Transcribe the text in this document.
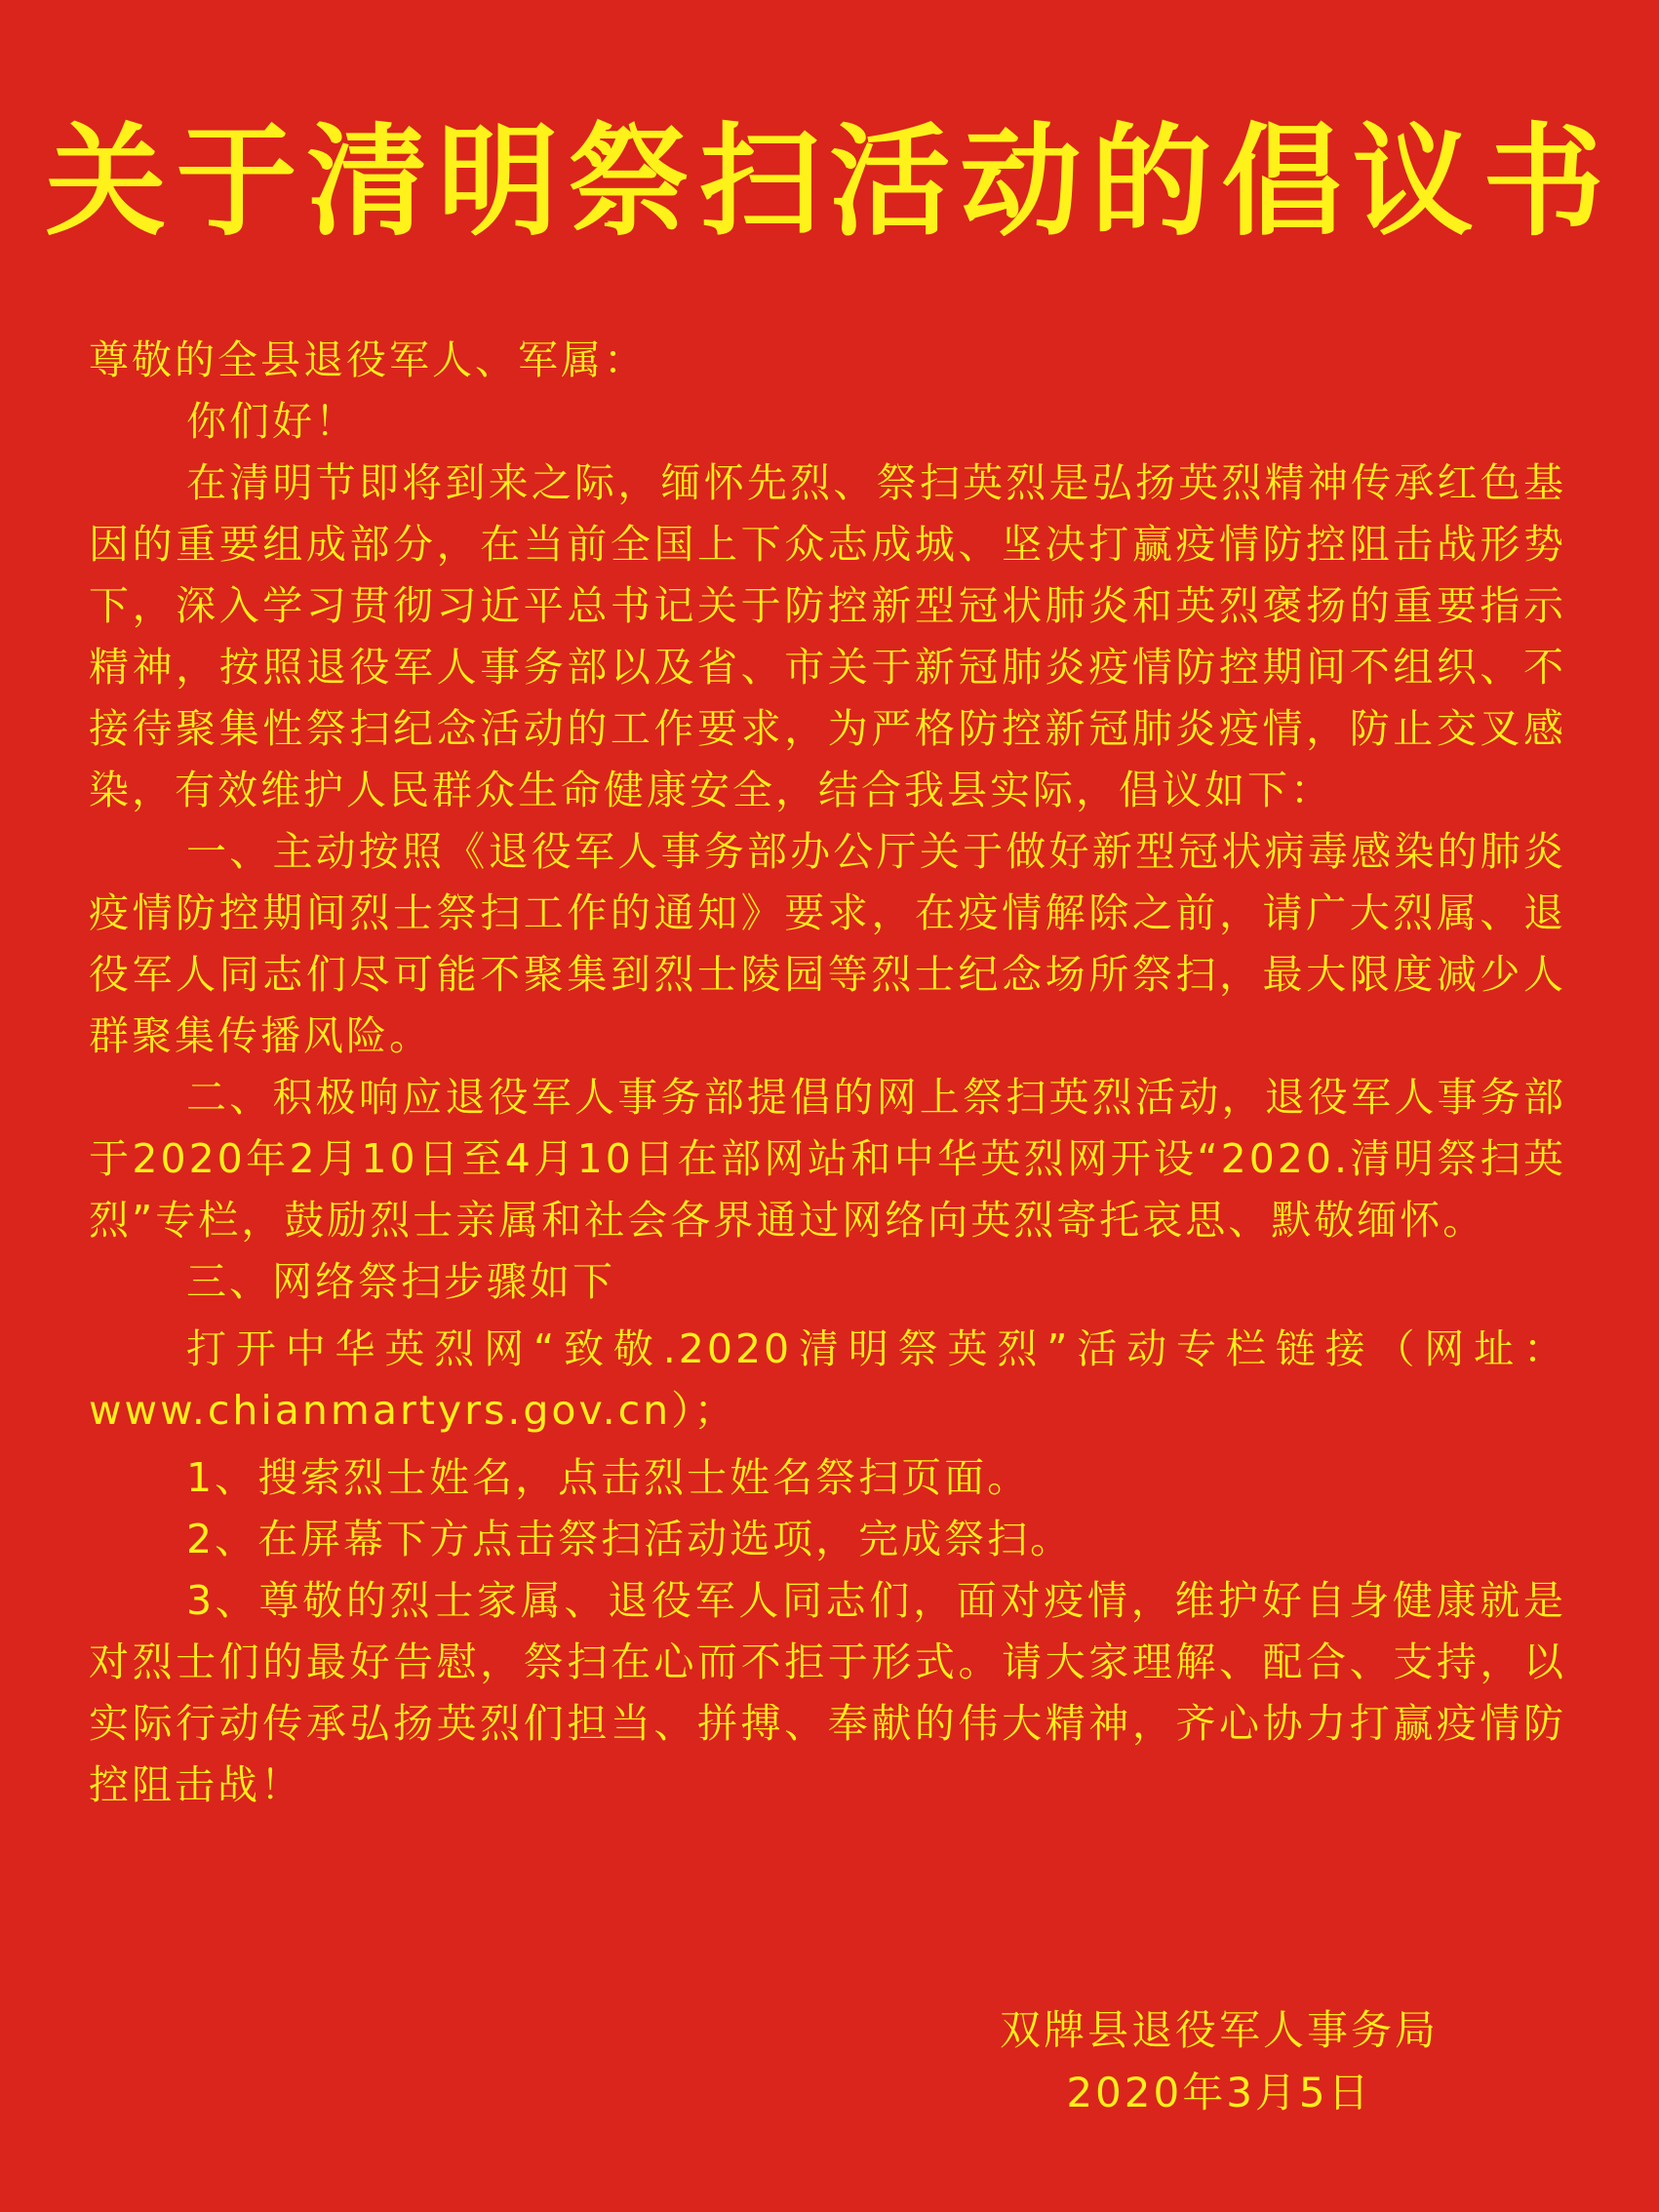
关于清明祭扫活动的倡议书

尊敬的全县退役军人、军属：

你们好！

在清明节即将到来之际，缅怀先烈、祭扫英烈是弘扬英烈精神传承红色基因的重要组成部分，在当前全国上下众志成城、坚决打赢疫情防控阻击战形势下，深入学习贯彻习近平总书记关于防控新型冠状肺炎和英烈褒扬的重要指示精神，按照退役军人事务部以及省、市关于新冠肺炎疫情防控期间不组织、不接待聚集性祭扫纪念活动的工作要求，为严格防控新冠肺炎疫情，防止交叉感染，有效维护人民群众生命健康安全，结合我县实际，倡议如下：

一、主动按照《退役军人事务部办公厅关于做好新型冠状病毒感染的肺炎疫情防控期间烈士祭扫工作的通知》要求，在疫情解除之前，请广大烈属、退役军人同志们尽可能不聚集到烈士陵园等烈士纪念场所祭扫，最大限度减少人群聚集传播风险。

二、积极响应退役军人事务部提倡的网上祭扫英烈活动，退役军人事务部于2020年2月10日至4月10日在部网站和中华英烈网开设“2020.清明祭扫英烈”专栏，鼓励烈士亲属和社会各界通过网络向英烈寄托哀思、默敬缅怀。

三、网络祭扫步骤如下

打开中华英烈网“致敬.2020清明祭英烈”活动专栏链接（网址：www.chianmartyrs.gov.cn）；

1、搜索烈士姓名，点击烈士姓名祭扫页面。

2、在屏幕下方点击祭扫活动选项，完成祭扫。

3、尊敬的烈士家属、退役军人同志们，面对疫情，维护好自身健康就是对烈士们的最好告慰，祭扫在心而不拒于形式。请大家理解、配合、支持，以实际行动传承弘扬英烈们担当、拼搏、奉献的伟大精神，齐心协力打赢疫情防控阻击战！

双牌县退役军人事务局
2020年3月5日
